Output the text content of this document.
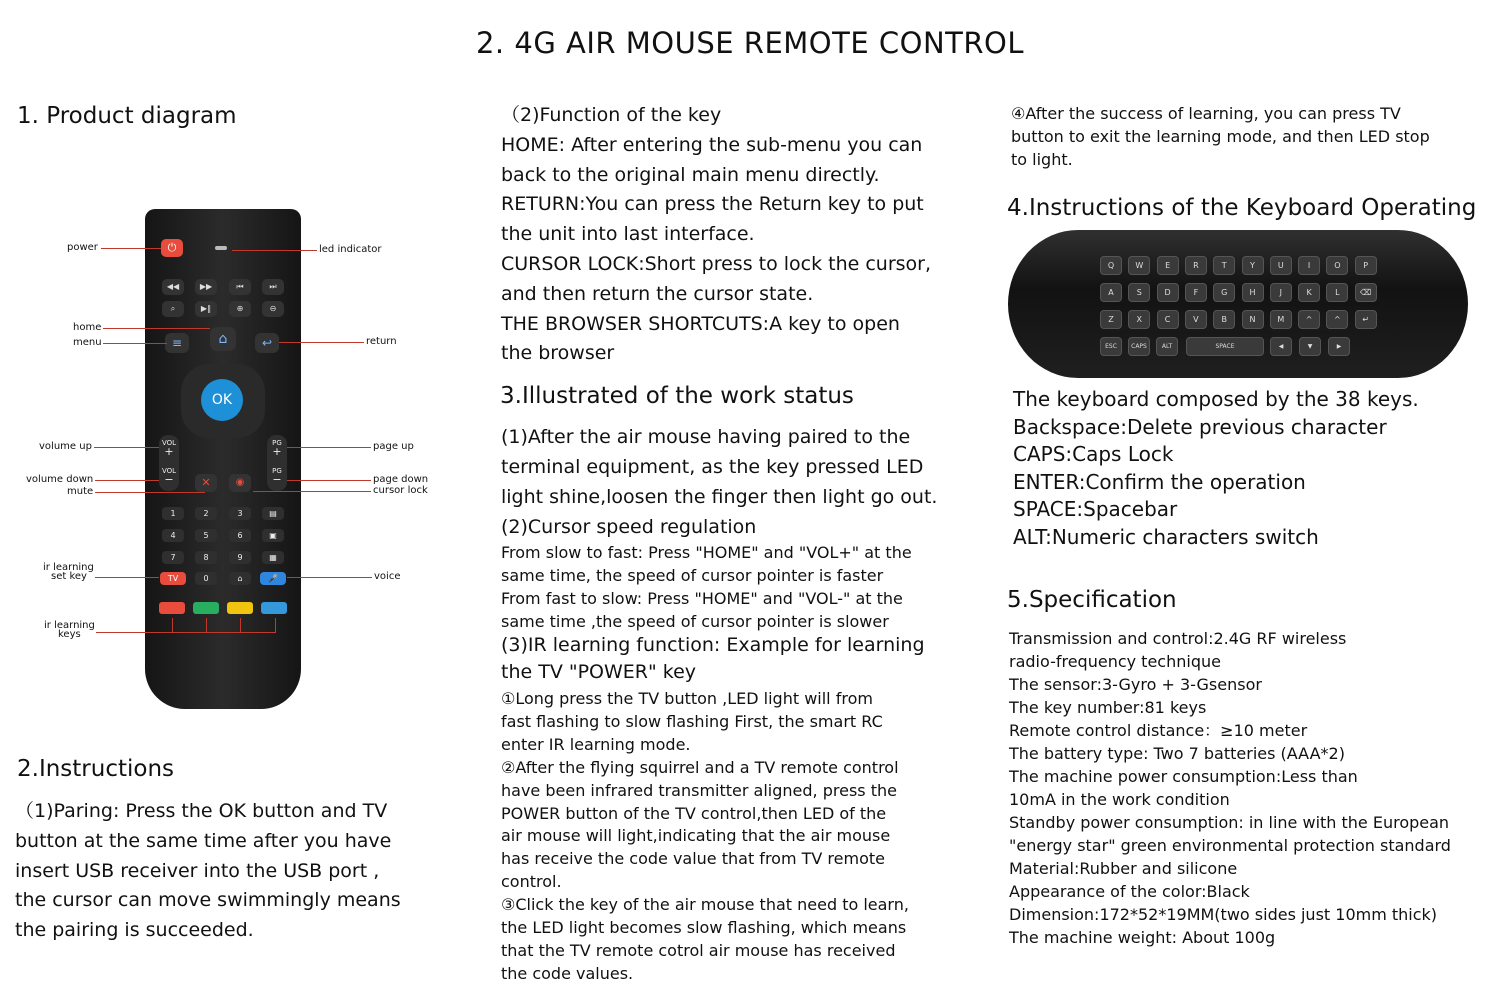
2. 4G AIR MOUSE REMOTE CONTROL
1. Product diagram
⏻
◀◀	▶▶	⏮	⏭
⌕	▶‖	⊕	⊖
≡	⌂	↩
OK
VOL
+
VOL
−
PG
+
PG
−
✕	◉
1	2	3	▤
4	5	6	▣
7	8	9	▦
TV	0	⌂	🎤
power	led indicator
home
menu	return
volume up	page up
volume down
mute
page down
cursor lock
ir learning
set key	voice
ir learning
keys
2.Instructions
（1)Paring: Press the OK button and TV
button at the same time after you have
insert USB receiver into the USB port ,
the cursor can move swimmingly means
the pairing is succeeded.
（2)Function of the key
HOME: After entering the sub-menu you can
back to the original main menu directly.
RETURN:You can press the Return key to put
the unit into last interface.
CURSOR LOCK:Short press to lock the cursor,
and then return the cursor state.
THE BROWSER SHORTCUTS:A key to open
the browser
3.Illustrated of the work status
(1)After the air mouse having paired to the
terminal equipment, as the key pressed LED
light shine,loosen the finger then light go out.
(2)Cursor speed regulation
From slow to fast: Press "HOME" and "VOL+" at the
same time, the speed of cursor pointer is faster
From fast to slow: Press "HOME" and "VOL-" at the
same time ,the speed of cursor pointer is slower
(3)IR learning function: Example for learning
the TV "POWER" key
①Long press the TV button ,LED light will from
fast flashing to slow flashing First, the smart RC
enter IR learning mode.
②After the flying squirrel and a TV remote control
have been infrared transmitter aligned, press the
POWER button of the TV control,then LED of the
air mouse will light,indicating that the air mouse
has receive the code value that from TV remote
control.
③Click the key of the air mouse that need to learn,
the LED light becomes slow flashing, which means
that the TV remote cotrol air mouse has received
the code values.
④After the success of learning, you can press TV
button to exit the learning mode, and then LED stop
to light.
4.Instructions of the Keyboard Operating
Q	W	E	R	T	Y	U	I	O	P
A	S	D	F	G	H	J	K	L	⌫
Z	X	C	V	B	N	M	^	^	↵
ESC	CAPS	ALT	SPACE	◀	▼	▶
The keyboard composed by the 38 keys.
Backspace:Delete previous character
CAPS:Caps Lock
ENTER:Confirm the operation
SPACE:Spacebar
ALT:Numeric characters switch
5.Specification
Transmission and control:2.4G RF wireless
radio-frequency technique
The sensor:3-Gyro + 3-Gsensor
The key number:81 keys
Remote control distance：≥10 meter
The battery type: Two 7 batteries (AAA*2)
The machine power consumption:Less than
10mA in the work condition
Standby power consumption: in line with the European
"energy star" green environmental protection standard
Material:Rubber and silicone
Appearance of the color:Black
Dimension:172*52*19MM(two sides just 10mm thick)
The machine weight: About 100g
